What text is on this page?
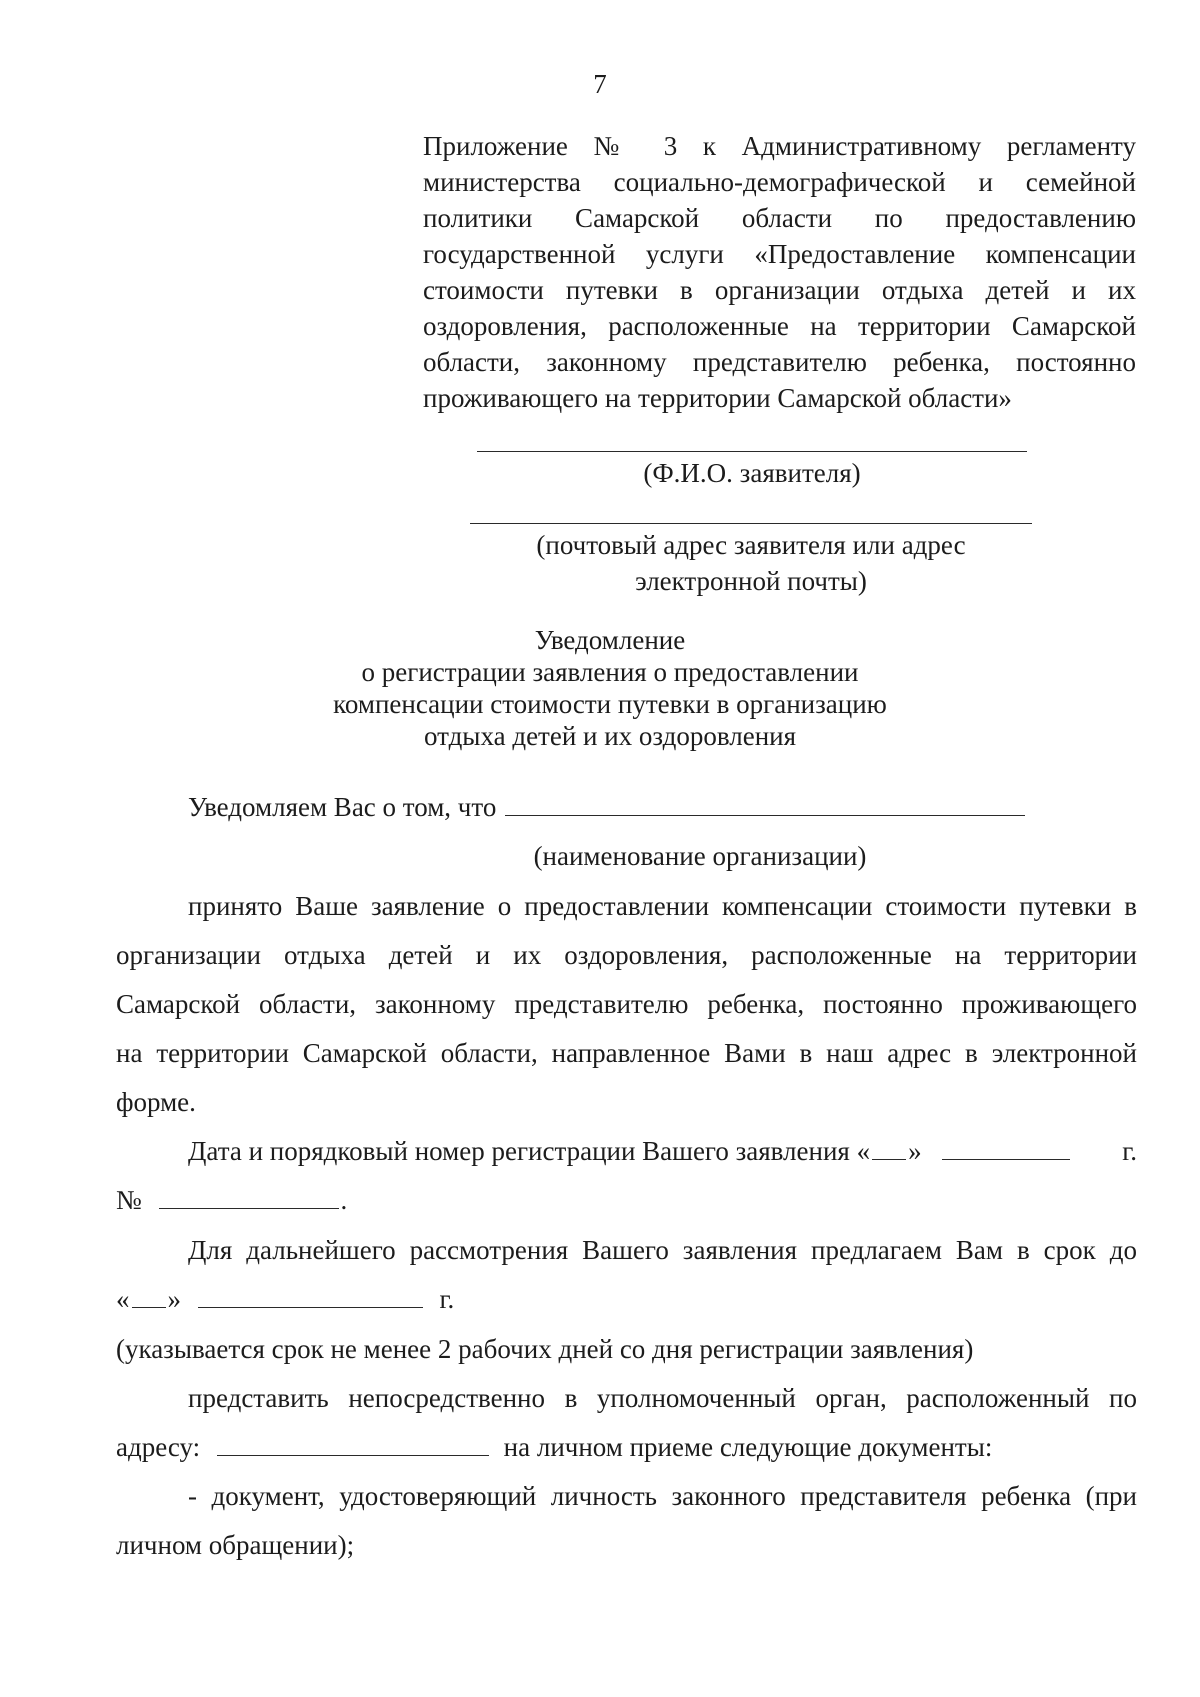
7
Приложение № 3 к Административному регламенту
министерства социально-демографической и семейной
политики Самарской области по предоставлению
государственной услуги «Предоставление компенсации
стоимости путевки в организации отдыха детей и их
оздоровления, расположенные на территории Самарской
области, законному представителю ребенка, постоянно
проживающего на территории Самарской области»
(Ф.И.О. заявителя)
(почтовый адрес заявителя или адрес
электронной почты)
Уведомление
о регистрации заявления о предоставлении
компенсации стоимости путевки в организацию
отдыха детей и их оздоровления
Уведомляем Вас о том, что
(наименование организации)
принято Ваше заявление о предоставлении компенсации стоимости путевки в
организации отдыха детей и их оздоровления, расположенные на территории
Самарской области, законному представителю ребенка, постоянно проживающего
на территории Самарской области, направленное Вами в наш адрес в электронной
форме.
Дата и порядковый номер регистрации Вашего заявления « »	г.
№	.
Для дальнейшего рассмотрения Вашего заявления предлагаем Вам в срок до
« »	г.
(указывается срок не менее 2 рабочих дней со дня регистрации заявления)
представить непосредственно в уполномоченный орган, расположенный по
адресу:	на личном приеме следующие документы:
- документ, удостоверяющий личность законного представителя ребенка (при
личном обращении);
